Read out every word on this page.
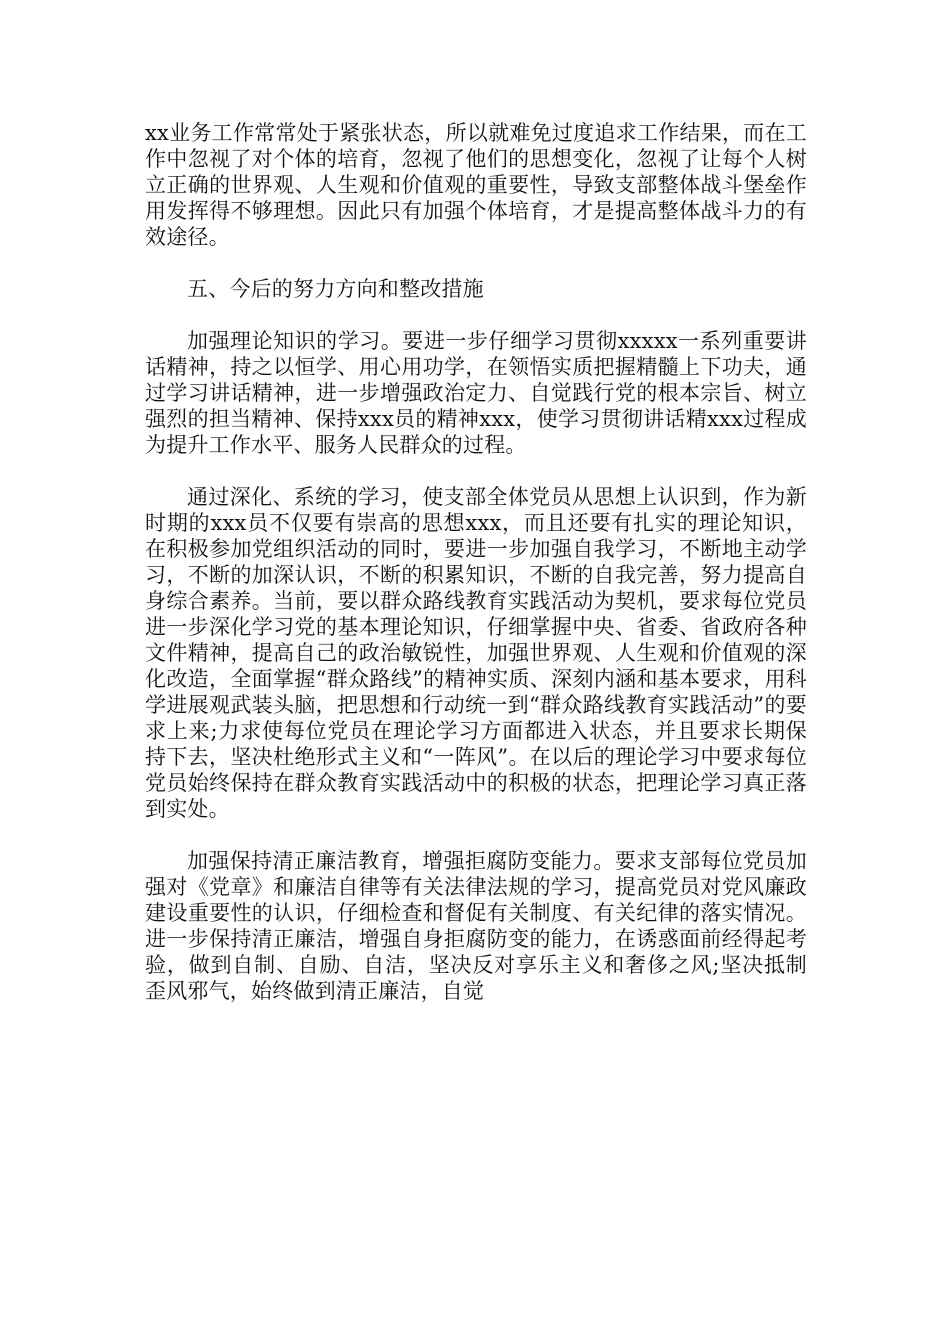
xx业务工作常常处于紧张状态，所以就难免过度追求工作结果，而在工作中忽视了对个体的培育，忽视了他们的思想变化，忽视了让每个人树立正确的世界观、人生观和价值观的重要性，导致支部整体战斗堡垒作用发挥得不够理想。因此只有加强个体培育，才是提高整体战斗力的有效途径。

五、今后的努力方向和整改措施

加强理论知识的学习。要进一步仔细学习贯彻xxxxx一系列重要讲话精神，持之以恒学、用心用功学，在领悟实质把握精髓上下功夫，通过学习讲话精神，进一步增强政治定力、自觉践行党的根本宗旨、树立强烈的担当精神、保持xxx员的精神xxx，使学习贯彻讲话精xxx过程成为提升工作水平、服务人民群众的过程。

通过深化、系统的学习，使支部全体党员从思想上认识到，作为新时期的xxx员不仅要有崇高的思想xxx，而且还要有扎实的理论知识，在积极参加党组织活动的同时，要进一步加强自我学习，不断地主动学习，不断的加深认识，不断的积累知识，不断的自我完善，努力提高自身综合素养。当前，要以群众路线教育实践活动为契机，要求每位党员进一步深化学习党的基本理论知识，仔细掌握中央、省委、省政府各种文件精神，提高自己的政治敏锐性，加强世界观、人生观和价值观的深化改造，全面掌握“群众路线”的精神实质、深刻内涵和基本要求，用科学进展观武装头脑，把思想和行动统一到“群众路线教育实践活动”的要求上来;力求使每位党员在理论学习方面都进入状态，并且要求长期保持下去，坚决杜绝形式主义和“一阵风”。在以后的理论学习中要求每位党员始终保持在群众教育实践活动中的积极的状态，把理论学习真正落到实处。

加强保持清正廉洁教育，增强拒腐防变能力。要求支部每位党员加强对《党章》和廉洁自律等有关法律法规的学习，提高党员对党风廉政建设重要性的认识，仔细检查和督促有关制度、有关纪律的落实情况。进一步保持清正廉洁，增强自身拒腐防变的能力，在诱惑面前经得起考验，做到自制、自励、自洁，坚决反对享乐主义和奢侈之风;坚决抵制歪风邪气，始终做到清正廉洁，自觉
